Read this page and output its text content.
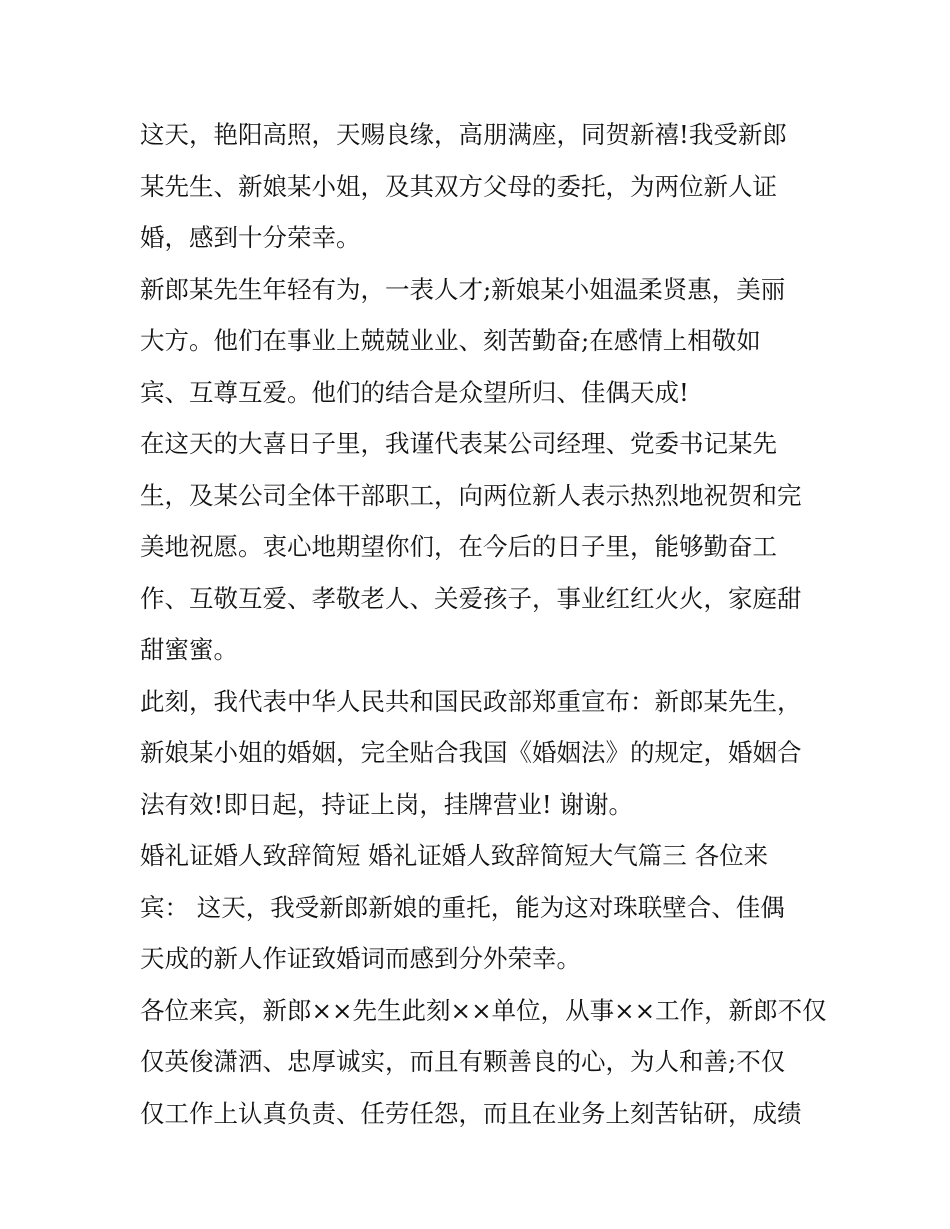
这天，艳阳高照，天赐良缘，高朋满座，同贺新禧!我受新郎
某先生、新娘某小姐，及其双方父母的委托，为两位新人证
婚，感到十分荣幸。
新郎某先生年轻有为，一表人才;新娘某小姐温柔贤惠，美丽
大方。他们在事业上兢兢业业、刻苦勤奋;在感情上相敬如
宾、互尊互爱。他们的结合是众望所归、佳偶天成!
在这天的大喜日子里，我谨代表某公司经理、党委书记某先
生，及某公司全体干部职工，向两位新人表示热烈地祝贺和完
美地祝愿。衷心地期望你们，在今后的日子里，能够勤奋工
作、互敬互爱、孝敬老人、关爱孩子，事业红红火火，家庭甜
甜蜜蜜。
此刻，我代表中华人民共和国民政部郑重宣布：新郎某先生，
新娘某小姐的婚姻，完全贴合我国《婚姻法》的规定，婚姻合
法有效!即日起，持证上岗，挂牌营业! 谢谢。
婚礼证婚人致辞简短 婚礼证婚人致辞简短大气篇三 各位来
宾： 这天，我受新郎新娘的重托，能为这对珠联壁合、佳偶
天成的新人作证致婚词而感到分外荣幸。
各位来宾，新郎××先生此刻××单位，从事××工作，新郎不仅
仅英俊潇洒、忠厚诚实，而且有颗善良的心，为人和善;不仅
仅工作上认真负责、任劳任怨，而且在业务上刻苦钻研，成绩
